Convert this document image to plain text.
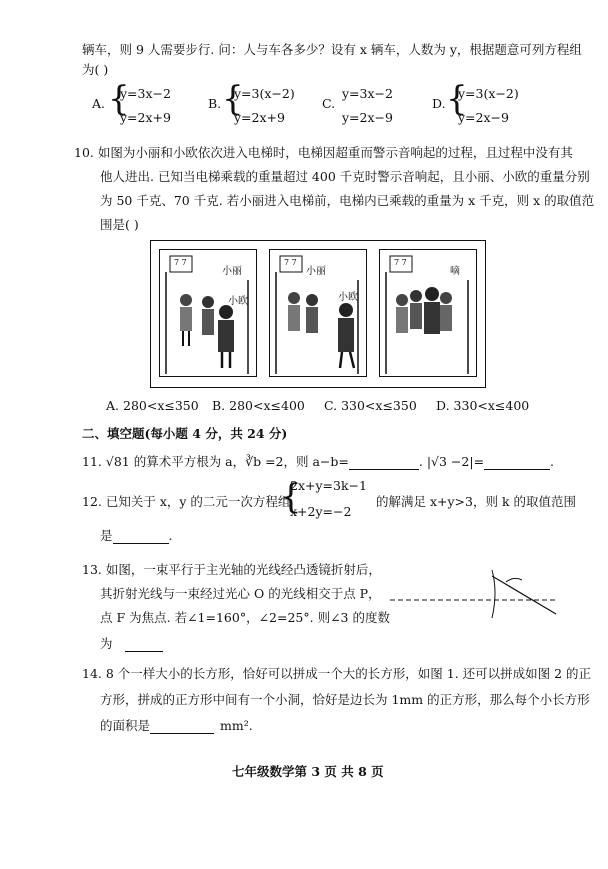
辆车，则 9 人需要步行. 问：人与车各多少？设有 x 辆车，人数为 y，根据题意可列方程组
为( )
A. {
y=3x−2
y=2x+9
B. {
y=3(x−2)
y=2x+9
C.
y=3x−2
y=2x−9
D. {
y=3(x−2)
y=2x−9
10. 如图为小丽和小欧依次进入电梯时，电梯因超重而警示音响起的过程，且过程中没有其
他人进出. 已知当电梯乘载的重量超过 400 千克时警示音响起，且小丽、小欧的重量分别
为 50 千克、70 千克. 若小丽进入电梯前，电梯内已乘载的重量为 x 千克，则 x 的取值范
围是( )
7 7
小丽
小欧
7 7
小丽
小欧
7 7
嘀
A. 280<x≤350 B. 280<x≤400 C. 330<x≤350 D. 330<x≤400
二、填空题(每小题 4 分，共 24 分)
11. √81 的算术平方根为 a，∛b =2，则 a−b=	. |√3 −2|=	.
12. 已知关于 x，y 的二元一次方程组
{
2x+y=3k−1
x+2y=−2
的解满足 x+y>3，则 k 的取值范围
是	.
13. 如图，一束平行于主光轴的光线经凸透镜折射后，
其折射光线与一束经过光心 O 的光线相交于点 P，
点 F 为焦点. 若∠1=160°，∠2=25°. 则∠3 的度数
为
14. 8 个一样大小的长方形，恰好可以拼成一个大的长方形，如图 1. 还可以拼成如图 2 的正
方形，拼成的正方形中间有一个小洞，恰好是边长为 1mm 的正方形，那么每个小长方形
的面积是	mm².
七年级数学第 3 页 共 8 页
